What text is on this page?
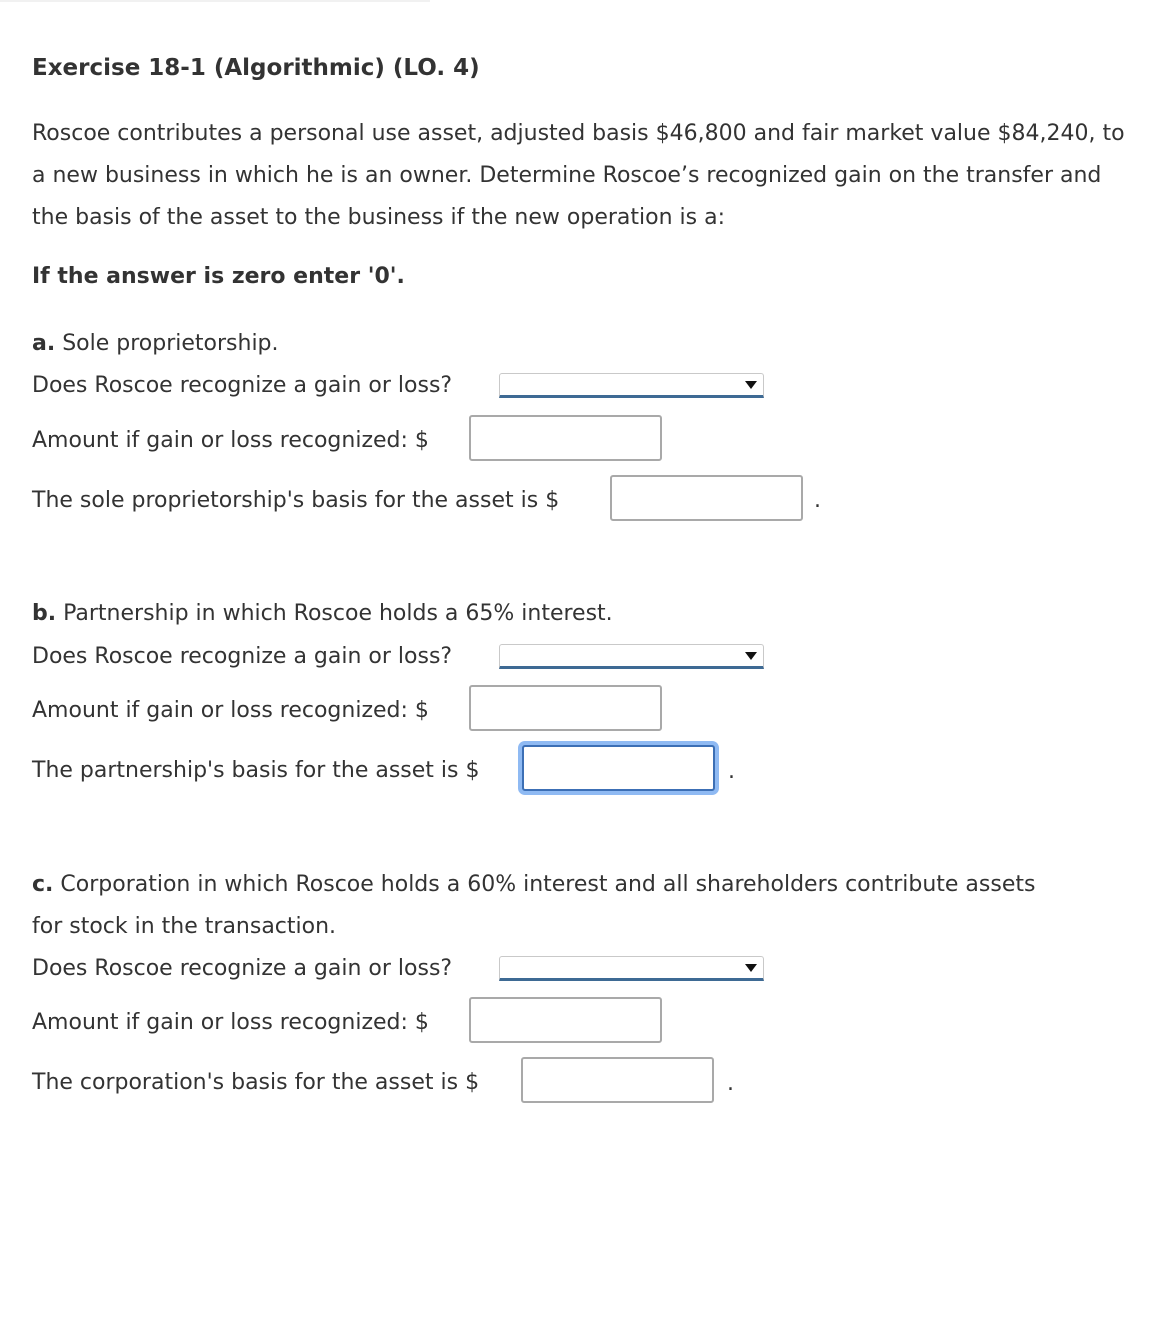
Exercise 18-1 (Algorithmic) (LO. 4)
Roscoe contributes a personal use asset, adjusted basis $46,800 and fair market value $84,240, to a new business in which he is an owner. Determine Roscoe’s recognized gain on the transfer and the basis of the asset to the business if the new operation is a:
If the answer is zero enter '0'.
a. Sole proprietorship.
Does Roscoe recognize a gain or loss?
Amount if gain or loss recognized: $
The sole proprietorship's basis for the asset is $	.
b. Partnership in which Roscoe holds a 65% interest.
Does Roscoe recognize a gain or loss?
Amount if gain or loss recognized: $
The partnership's basis for the asset is $	.
c. Corporation in which Roscoe holds a 60% interest and all shareholders contribute assets
for stock in the transaction.
Does Roscoe recognize a gain or loss?
Amount if gain or loss recognized: $
The corporation's basis for the asset is $	.
